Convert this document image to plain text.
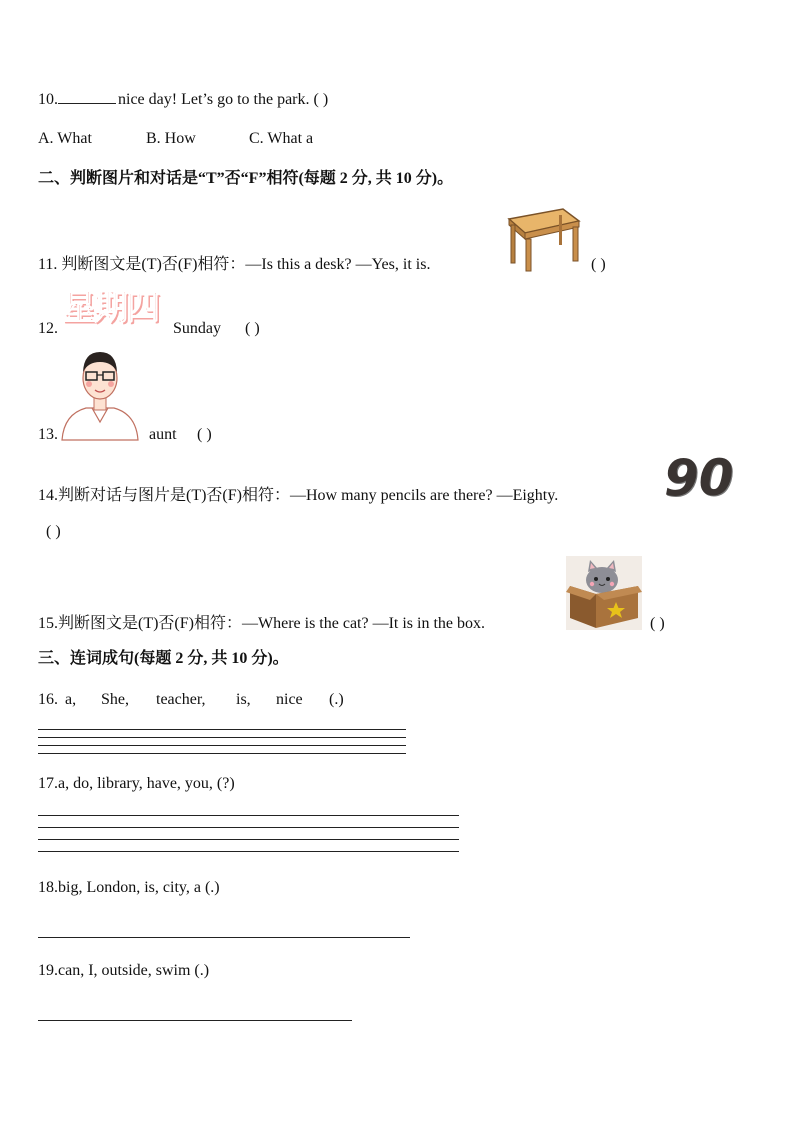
10.	nice day! Let’s go to the park. ( )
A. What	B. How	C. What a
二、判断图片和对话是“T”否“F”相符(每题 2 分, 共 10 分)。
11. 判断图文是(T)否(F)相符：—Is this a desk? —Yes, it is.	( )
12.
星期四
Sunday ( )
13.	aunt ( )
14.判断对话与图片是(T)否(F)相符：—How many pencils are there? —Eighty. 90
( )
15.判断图文是(T)否(F)相符：—Where is the cat? —It is in the box.	( )
三、连词成句(每题 2 分, 共 10 分)。
16. a, She, teacher, is, nice (.)
17.a, do, library, have, you, (?)
18.big, London, is, city, a (.)
19.can, I, outside, swim (.)
